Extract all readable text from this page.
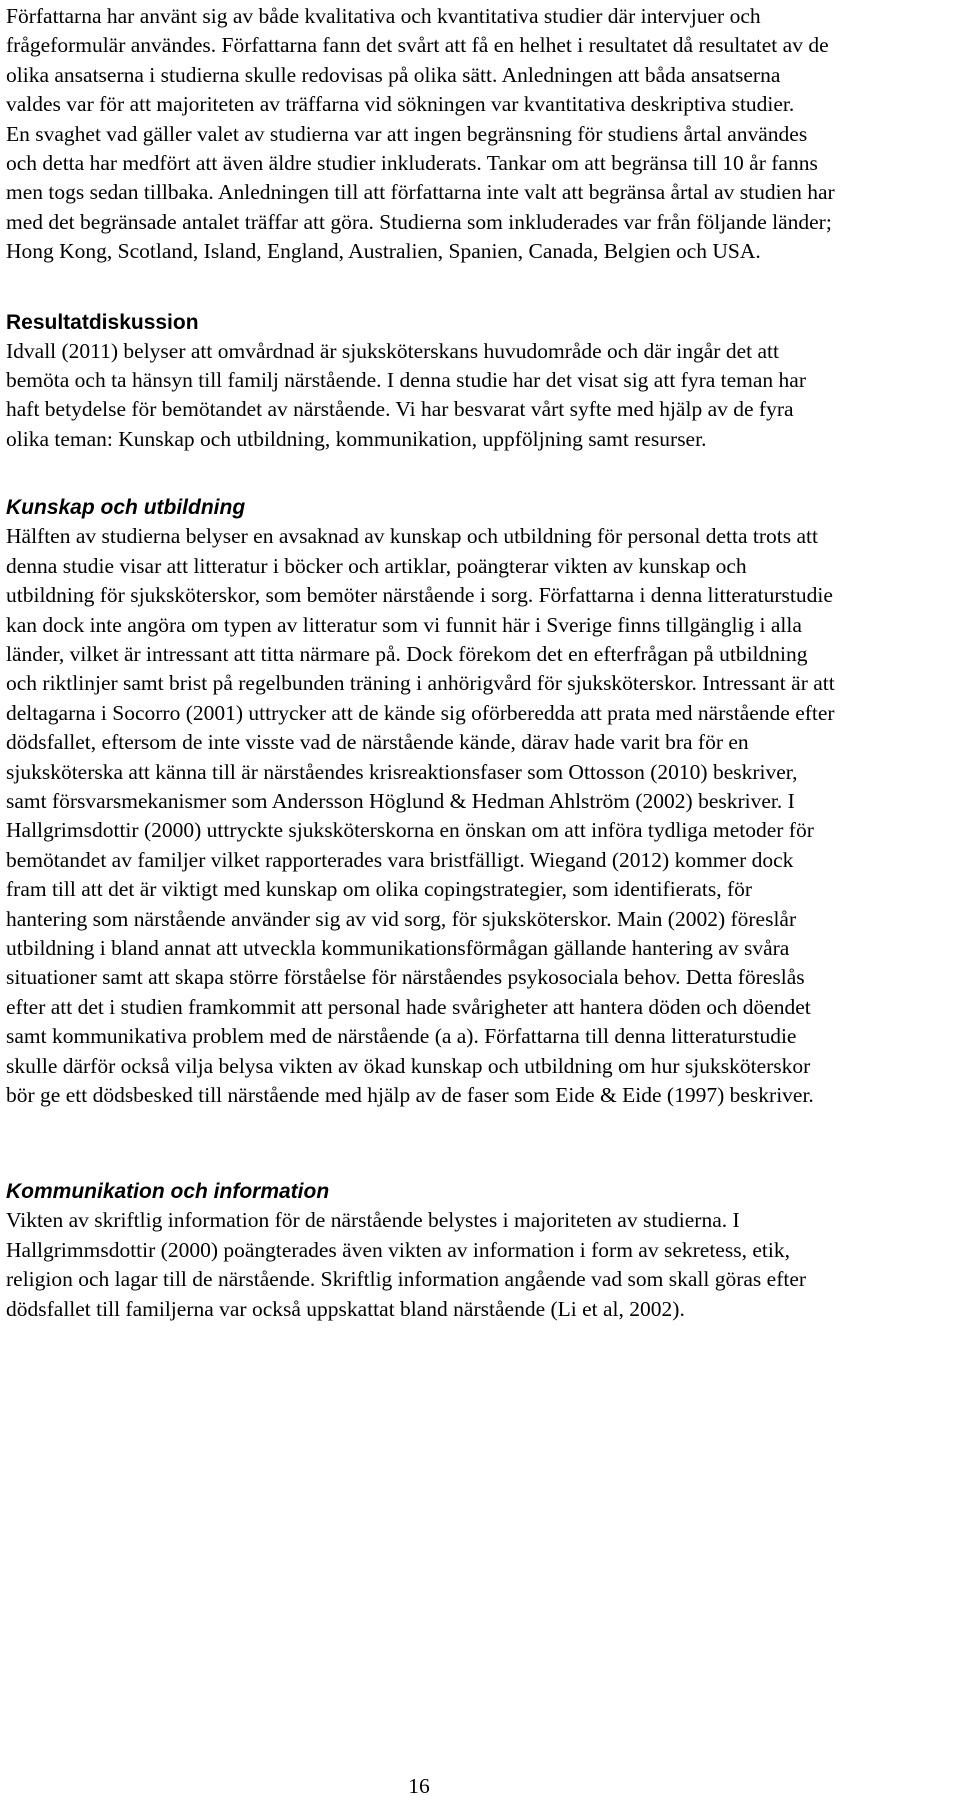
Författarna har använt sig av både kvalitativa och kvantitativa studier där intervjuer och frågeformulär användes. Författarna fann det svårt att få en helhet i resultatet då resultatet av de olika ansatserna i studierna skulle redovisas på olika sätt. Anledningen att båda ansatserna valdes var för att majoriteten av träffarna vid sökningen var kvantitativa deskriptiva studier.

En svaghet vad gäller valet av studierna var att ingen begränsning för studiens årtal användes och detta har medfört att även äldre studier inkluderats. Tankar om att begränsa till 10 år fanns men togs sedan tillbaka. Anledningen till att författarna inte valt att begränsa årtal av studien har med det begränsade antalet träffar att göra. Studierna som inkluderades var från följande länder; Hong Kong, Scotland, Island, England, Australien, Spanien, Canada, Belgien och USA.

Resultatdiskussion

Idvall (2011) belyser att omvårdnad är sjuksköterskans huvudområde och där ingår det att bemöta och ta hänsyn till familj närstående. I denna studie har det visat sig att fyra teman har haft betydelse för bemötandet av närstående. Vi har besvarat vårt syfte med hjälp av de fyra olika teman: Kunskap och utbildning, kommunikation, uppföljning samt resurser.

Kunskap och utbildning

Hälften av studierna belyser en avsaknad av kunskap och utbildning för personal detta trots att denna studie visar att litteratur i böcker och artiklar, poängterar vikten av kunskap och utbildning för sjuksköterskor, som bemöter närstående i sorg. Författarna i denna litteraturstudie kan dock inte angöra om typen av litteratur som vi funnit här i Sverige finns tillgänglig i alla länder, vilket är intressant att titta närmare på. Dock förekom det en efterfrågan på utbildning och riktlinjer samt brist på regelbunden träning i anhörigvård för sjuksköterskor. Intressant är att deltagarna i Socorro (2001) uttrycker att de kände sig oförberedda att prata med närstående efter dödsfallet, eftersom de inte visste vad de närstående kände, därav hade varit bra för en sjuksköterska att känna till är närståendes krisreaktionsfaser som Ottosson (2010) beskriver, samt försvarsmekanismer som Andersson Höglund & Hedman Ahlström (2002) beskriver. I Hallgrimsdottir (2000) uttryckte sjuksköterskorna en önskan om att införa tydliga metoder för bemötandet av familjer vilket rapporterades vara bristfälligt. Wiegand (2012) kommer dock fram till att det är viktigt med kunskap om olika copingstrategier, som identifierats, för hantering som närstående använder sig av vid sorg, för sjuksköterskor. Main (2002) föreslår utbildning i bland annat att utveckla kommunikationsförmågan gällande hantering av svåra situationer samt att skapa större förståelse för närståendes psykosociala behov. Detta föreslås efter att det i studien framkommit att personal hade svårigheter att hantera döden och döendet samt kommunikativa problem med de närstående (a a). Författarna till denna litteraturstudie skulle därför också vilja belysa vikten av ökad kunskap och utbildning om hur sjuksköterskor bör ge ett dödsbesked till närstående med hjälp av de faser som Eide & Eide (1997) beskriver.

Kommunikation och information

Vikten av skriftlig information för de närstående belystes i majoriteten av studierna. I Hallgrimmsdottir (2000) poängterades även vikten av information i form av sekretess, etik, religion och lagar till de närstående. Skriftlig information angående vad som skall göras efter dödsfallet till familjerna var också uppskattat bland närstående (Li et al, 2002).

16
